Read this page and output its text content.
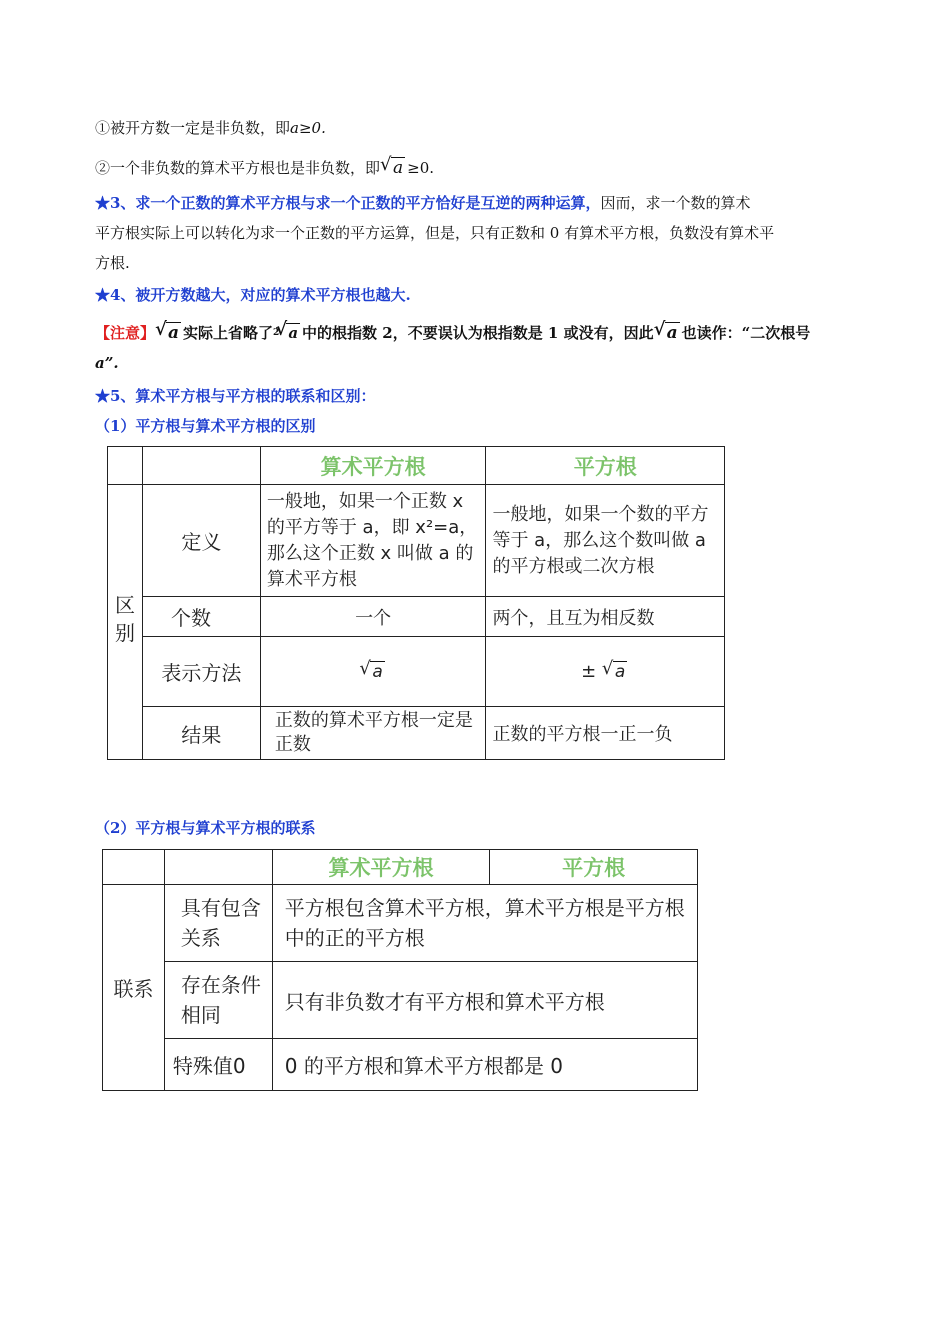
①被开方数一定是非负数，即a≥0.
②一个非负数的算术平方根也是非负数，即 √ a ≥0.
★3、求一个正数的算术平方根与求一个正数的平方恰好是互逆的两种运算，因而，求一个数的算术
平方根实际上可以转化为求一个正数的平方运算，但是，只有正数和 0 有算术平方根，负数没有算术平
方根.
★4、被开方数越大，对应的算术平方根也越大.
【注意】 √ a 实际上省略了$^2$ √ a 中的根指数 2，不要误认为根指数是 1 或没有，因此 √ a 也读作：“二次根号
a”.
★5、算术平方根与平方根的联系和区别：
（1）平方根与算术平方根的区别
		算术平方根	平方根
区别	定义	一般地，如果一个正数 x 的平方等于 a，即 x²=a，那么这个正数 x 叫做 a 的算术平方根	一般地，如果一个数的平方等于 a，那么这个数叫做 a 的平方根或二次方根
	个数	一个	两个，且互为相反数
	表示方法	√ a	± √ a
	结果	正数的算术平方根一定是正数	正数的平方根一正一负
（2）平方根与算术平方根的联系
		算术平方根	平方根
联系	具有包含关系	平方根包含算术平方根，算术平方根是平方根中的正的平方根	
	存在条件相同	只有非负数才有平方根和算术平方根	
	特殊值0	0 的平方根和算术平方根都是 0	
